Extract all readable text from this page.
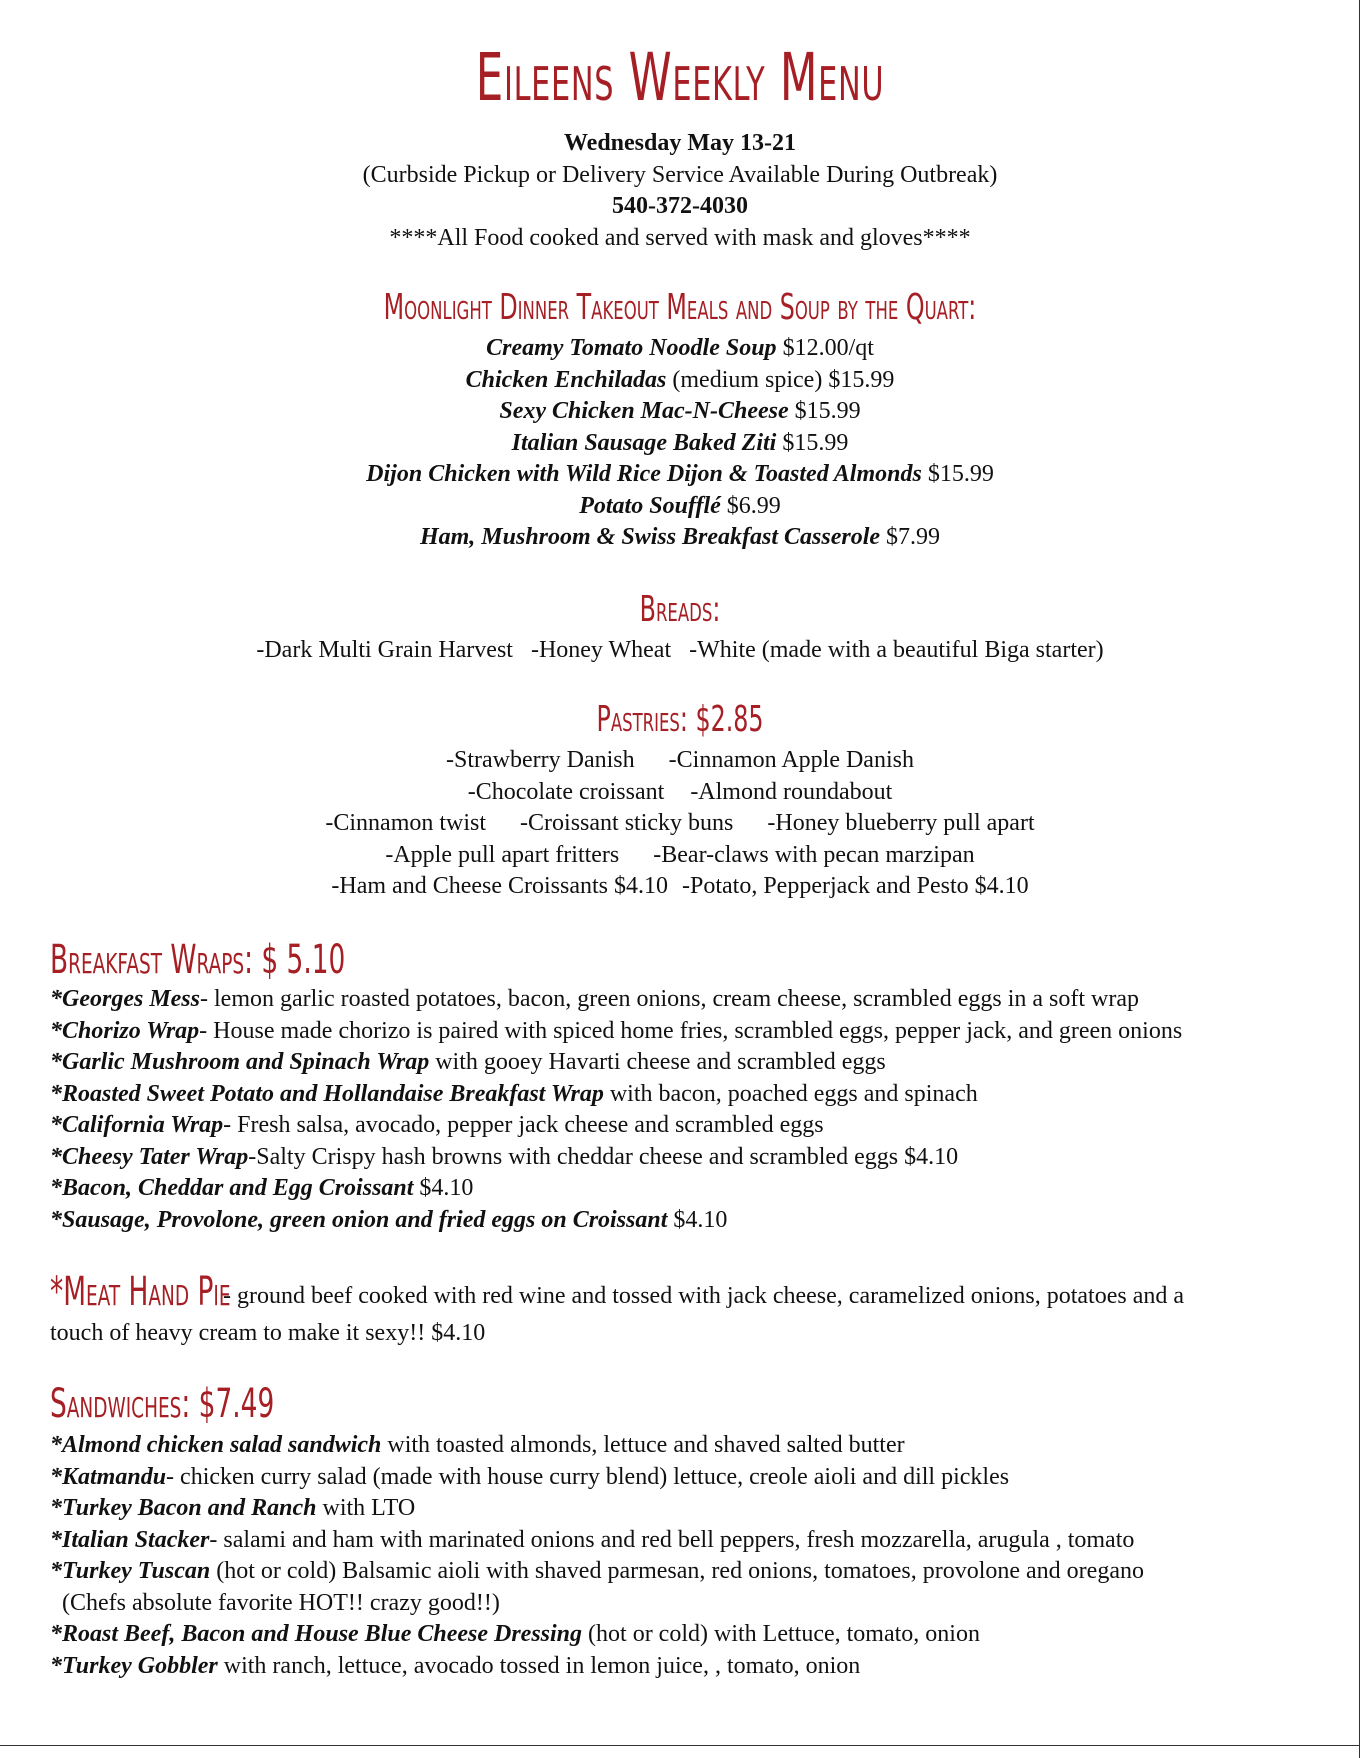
Eileens Weekly Menu
Wednesday May 13-21
(Curbside Pickup or Delivery Service Available During Outbreak)
540-372-4030
****All Food cooked and served with mask and gloves****
Moonlight Dinner Takeout Meals and Soup by the Quart:
Creamy Tomato Noodle Soup $12.00/qt
Chicken Enchiladas (medium spice) $15.99
Sexy Chicken Mac-N-Cheese $15.99
Italian Sausage Baked Ziti $15.99
Dijon Chicken with Wild Rice Dijon & Toasted Almonds $15.99
Potato Soufflé $6.99
Ham, Mushroom & Swiss Breakfast Casserole $7.99
Breads:
-Dark Multi Grain Harvest -Honey Wheat -White (made with a beautiful Biga starter)
Pastries: $2.85
-Strawberry Danish -Cinnamon Apple Danish
-Chocolate croissant -Almond roundabout
-Cinnamon twist -Croissant sticky buns -Honey blueberry pull apart
-Apple pull apart fritters -Bear-claws with pecan marzipan
-Ham and Cheese Croissants $4.10 -Potato, Pepperjack and Pesto $4.10
Breakfast Wraps: $ 5.10
*Georges Mess- lemon garlic roasted potatoes, bacon, green onions, cream cheese, scrambled eggs in a soft wrap
*Chorizo Wrap- House made chorizo is paired with spiced home fries, scrambled eggs, pepper jack, and green onions
*Garlic Mushroom and Spinach Wrap with gooey Havarti cheese and scrambled eggs
*Roasted Sweet Potato and Hollandaise Breakfast Wrap with bacon, poached eggs and spinach
*California Wrap- Fresh salsa, avocado, pepper jack cheese and scrambled eggs
*Cheesy Tater Wrap-Salty Crispy hash browns with cheddar cheese and scrambled eggs $4.10
*Bacon, Cheddar and Egg Croissant $4.10
*Sausage, Provolone, green onion and fried eggs on Croissant $4.10
*Meat Hand Pie - ground beef cooked with red wine and tossed with jack cheese, caramelized onions, potatoes and a
touch of heavy cream to make it sexy!! $4.10
Sandwiches: $7.49
*Almond chicken salad sandwich with toasted almonds, lettuce and shaved salted butter
*Katmandu- chicken curry salad (made with house curry blend) lettuce, creole aioli and dill pickles
*Turkey Bacon and Ranch with LTO
*Italian Stacker- salami and ham with marinated onions and red bell peppers, fresh mozzarella, arugula , tomato
*Turkey Tuscan (hot or cold) Balsamic aioli with shaved parmesan, red onions, tomatoes, provolone and oregano
(Chefs absolute favorite HOT!! crazy good!!)
*Roast Beef, Bacon and House Blue Cheese Dressing (hot or cold) with Lettuce, tomato, onion
*Turkey Gobbler with ranch, lettuce, avocado tossed in lemon juice, , tomato, onion
